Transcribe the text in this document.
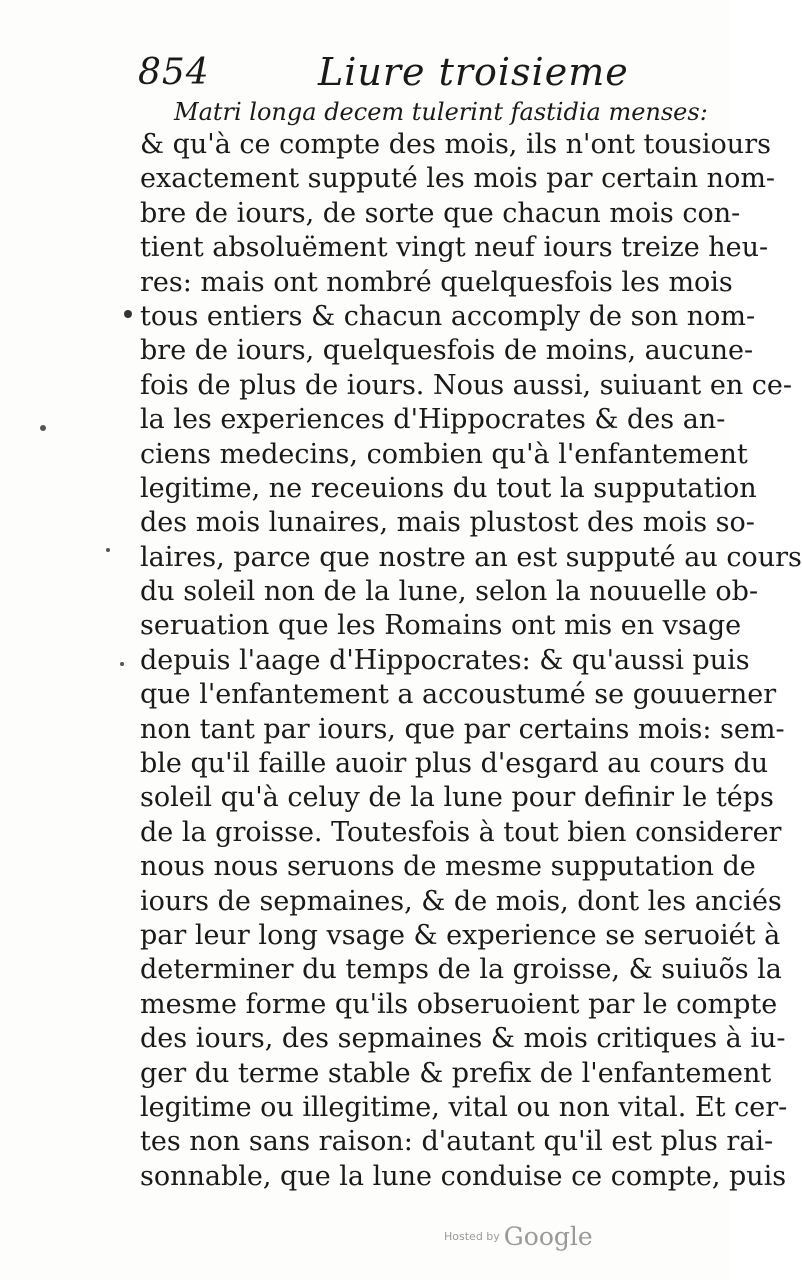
854	Liure troisieme
Matri longa decem tulerint fastidia menses:
& qu'à ce compte des mois, ils n'ont tousiours
exactement supputé les mois par certain nom-
bre de iours, de sorte que chacun mois con-
tient absoluëment vingt neuf iours treize heu-
res: mais ont nombré quelquesfois les mois
tous entiers & chacun accomply de son nom-
bre de iours, quelquesfois de moins, aucune-
fois de plus de iours. Nous aussi, suiuant en ce-
la les experiences d'Hippocrates & des an-
ciens medecins, combien qu'à l'enfantement
legitime, ne receuions du tout la supputation
des mois lunaires, mais plustost des mois so-
laires, parce que nostre an est supputé au cours
du soleil non de la lune, selon la nouuelle ob-
seruation que les Romains ont mis en vsage
depuis l'aage d'Hippocrates: & qu'aussi puis
que l'enfantement a accoustumé se gouuerner
non tant par iours, que par certains mois: sem-
ble qu'il faille auoir plus d'esgard au cours du
soleil qu'à celuy de la lune pour definir le téps
de la groisse. Toutesfois à tout bien considerer
nous nous seruons de mesme supputation de
iours de sepmaines, & de mois, dont les anciés
par leur long vsage & experience se seruoiét à
determiner du temps de la groisse, & suiuõs la
mesme forme qu'ils obseruoient par le compte
des iours, des sepmaines & mois critiques à iu-
ger du terme stable & prefix de l'enfantement
legitime ou illegitime, vital ou non vital. Et cer-
tes non sans raison: d'autant qu'il est plus rai-
sonnable, que la lune conduise ce compte, puis
Hosted by Google
